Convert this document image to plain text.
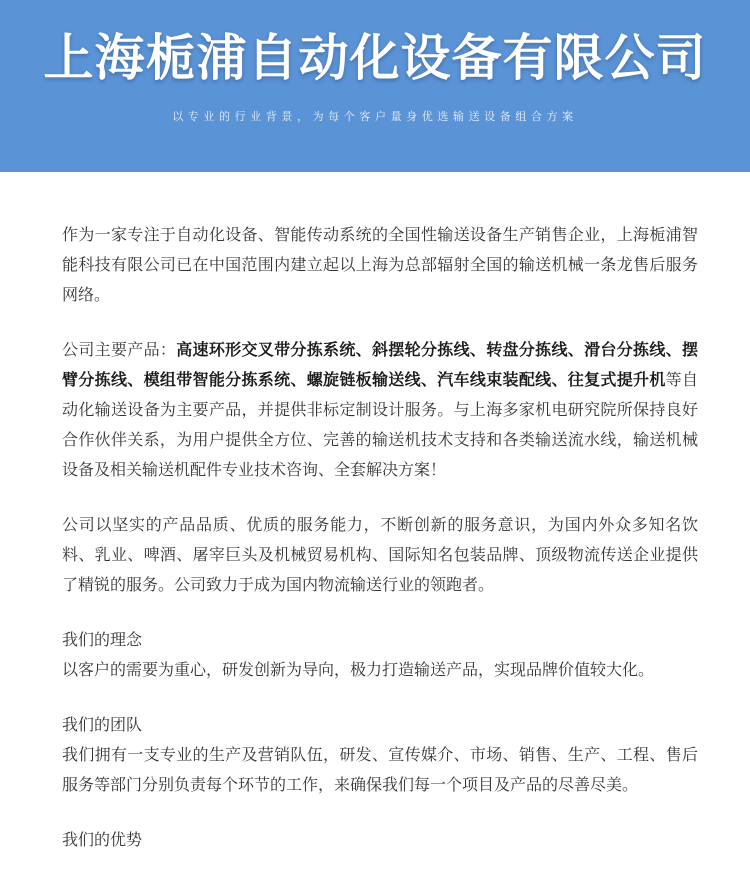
上海栀浦自动化设备有限公司
以专业的行业背景，为每个客户量身优选输送设备组合方案

作为一家专注于自动化设备、智能传动系统的全国性输送设备生产销售企业，上海栀浦智能科技有限公司已在中国范围内建立起以上海为总部辐射全国的输送机械一条龙售后服务网络。

公司主要产品：高速环形交叉带分拣系统、斜摆轮分拣线、转盘分拣线、滑台分拣线、摆臂分拣线、模组带智能分拣系统、螺旋链板输送线、汽车线束装配线、往复式提升机等自动化输送设备为主要产品，并提供非标定制设计服务。与上海多家机电研究院所保持良好合作伙伴关系，为用户提供全方位、完善的输送机技术支持和各类输送流水线，输送机械设备及相关输送机配件专业技术咨询、全套解决方案！

公司以坚实的产品品质、优质的服务能力，不断创新的服务意识，为国内外众多知名饮料、乳业、啤酒、屠宰巨头及机械贸易机构、国际知名包装品牌、顶级物流传送企业提供了精锐的服务。公司致力于成为国内物流输送行业的领跑者。

我们的理念

以客户的需要为重心，研发创新为导向，极力打造输送产品，实现品牌价值较大化。

我们的团队

我们拥有一支专业的生产及营销队伍，研发、宣传媒介、市场、销售、生产、工程、售后服务等部门分别负责每个环节的工作，来确保我们每一个项目及产品的尽善尽美。

我们的优势
